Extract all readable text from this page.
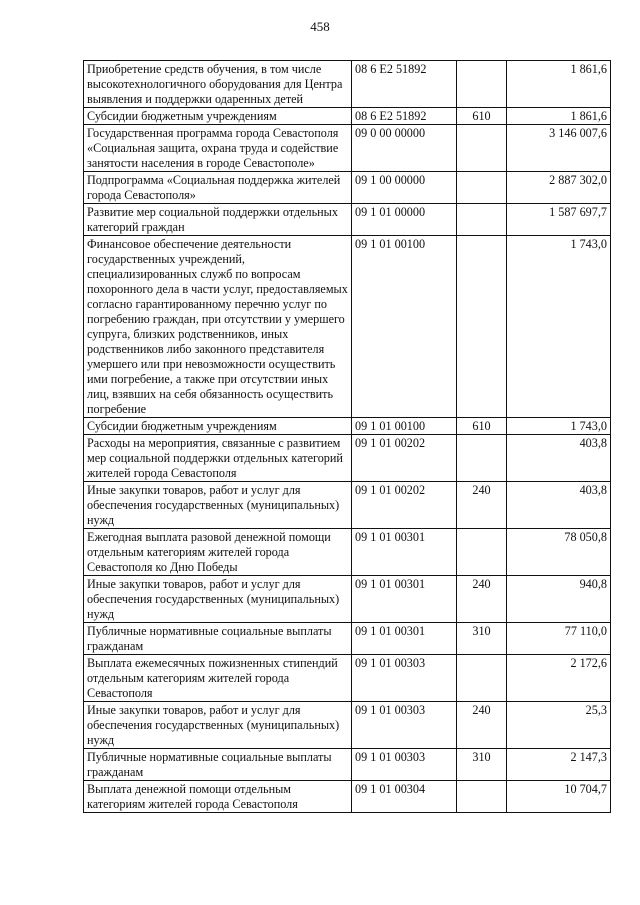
458
Приобретение средств обучения, в том числе высокотехнологичного оборудования для Центра выявления и поддержки одаренных детей	08 6 Е2 51892		1 861,6
Субсидии бюджетным учреждениям	08 6 Е2 51892	610	1 861,6
Государственная программа города Севастополя «Социальная защита, охрана труда и содействие занятости населения в городе Севастополе»	09 0 00 00000		3 146 007,6
Подпрограмма «Социальная поддержка жителей города Севастополя»	09 1 00 00000		2 887 302,0
Развитие мер социальной поддержки отдельных категорий граждан	09 1 01 00000		1 587 697,7
Финансовое обеспечение деятельности государственных учреждений, специализированных служб по вопросам похоронного дела в части услуг, предоставляемых согласно гарантированному перечню услуг по погребению граждан, при отсутствии у умершего супруга, близких родственников, иных родственников либо законного представителя умершего или при невозможности осуществить ими погребение, а также при отсутствии иных лиц, взявших на себя обязанность осуществить погребение	09 1 01 00100		1 743,0
Субсидии бюджетным учреждениям	09 1 01 00100	610	1 743,0
Расходы на мероприятия, связанные с развитием мер социальной поддержки отдельных категорий жителей города Севастополя	09 1 01 00202		403,8
Иные закупки товаров, работ и услуг для обеспечения государственных (муниципальных) нужд	09 1 01 00202	240	403,8
Ежегодная выплата разовой денежной помощи отдельным категориям жителей города Севастополя ко Дню Победы	09 1 01 00301		78 050,8
Иные закупки товаров, работ и услуг для обеспечения государственных (муниципальных) нужд	09 1 01 00301	240	940,8
Публичные нормативные социальные выплаты гражданам	09 1 01 00301	310	77 110,0
Выплата ежемесячных пожизненных стипендий отдельным категориям жителей города Севастополя	09 1 01 00303		2 172,6
Иные закупки товаров, работ и услуг для обеспечения государственных (муниципальных) нужд	09 1 01 00303	240	25,3
Публичные нормативные социальные выплаты гражданам	09 1 01 00303	310	2 147,3
Выплата денежной помощи отдельным категориям жителей города Севастополя	09 1 01 00304		10 704,7
